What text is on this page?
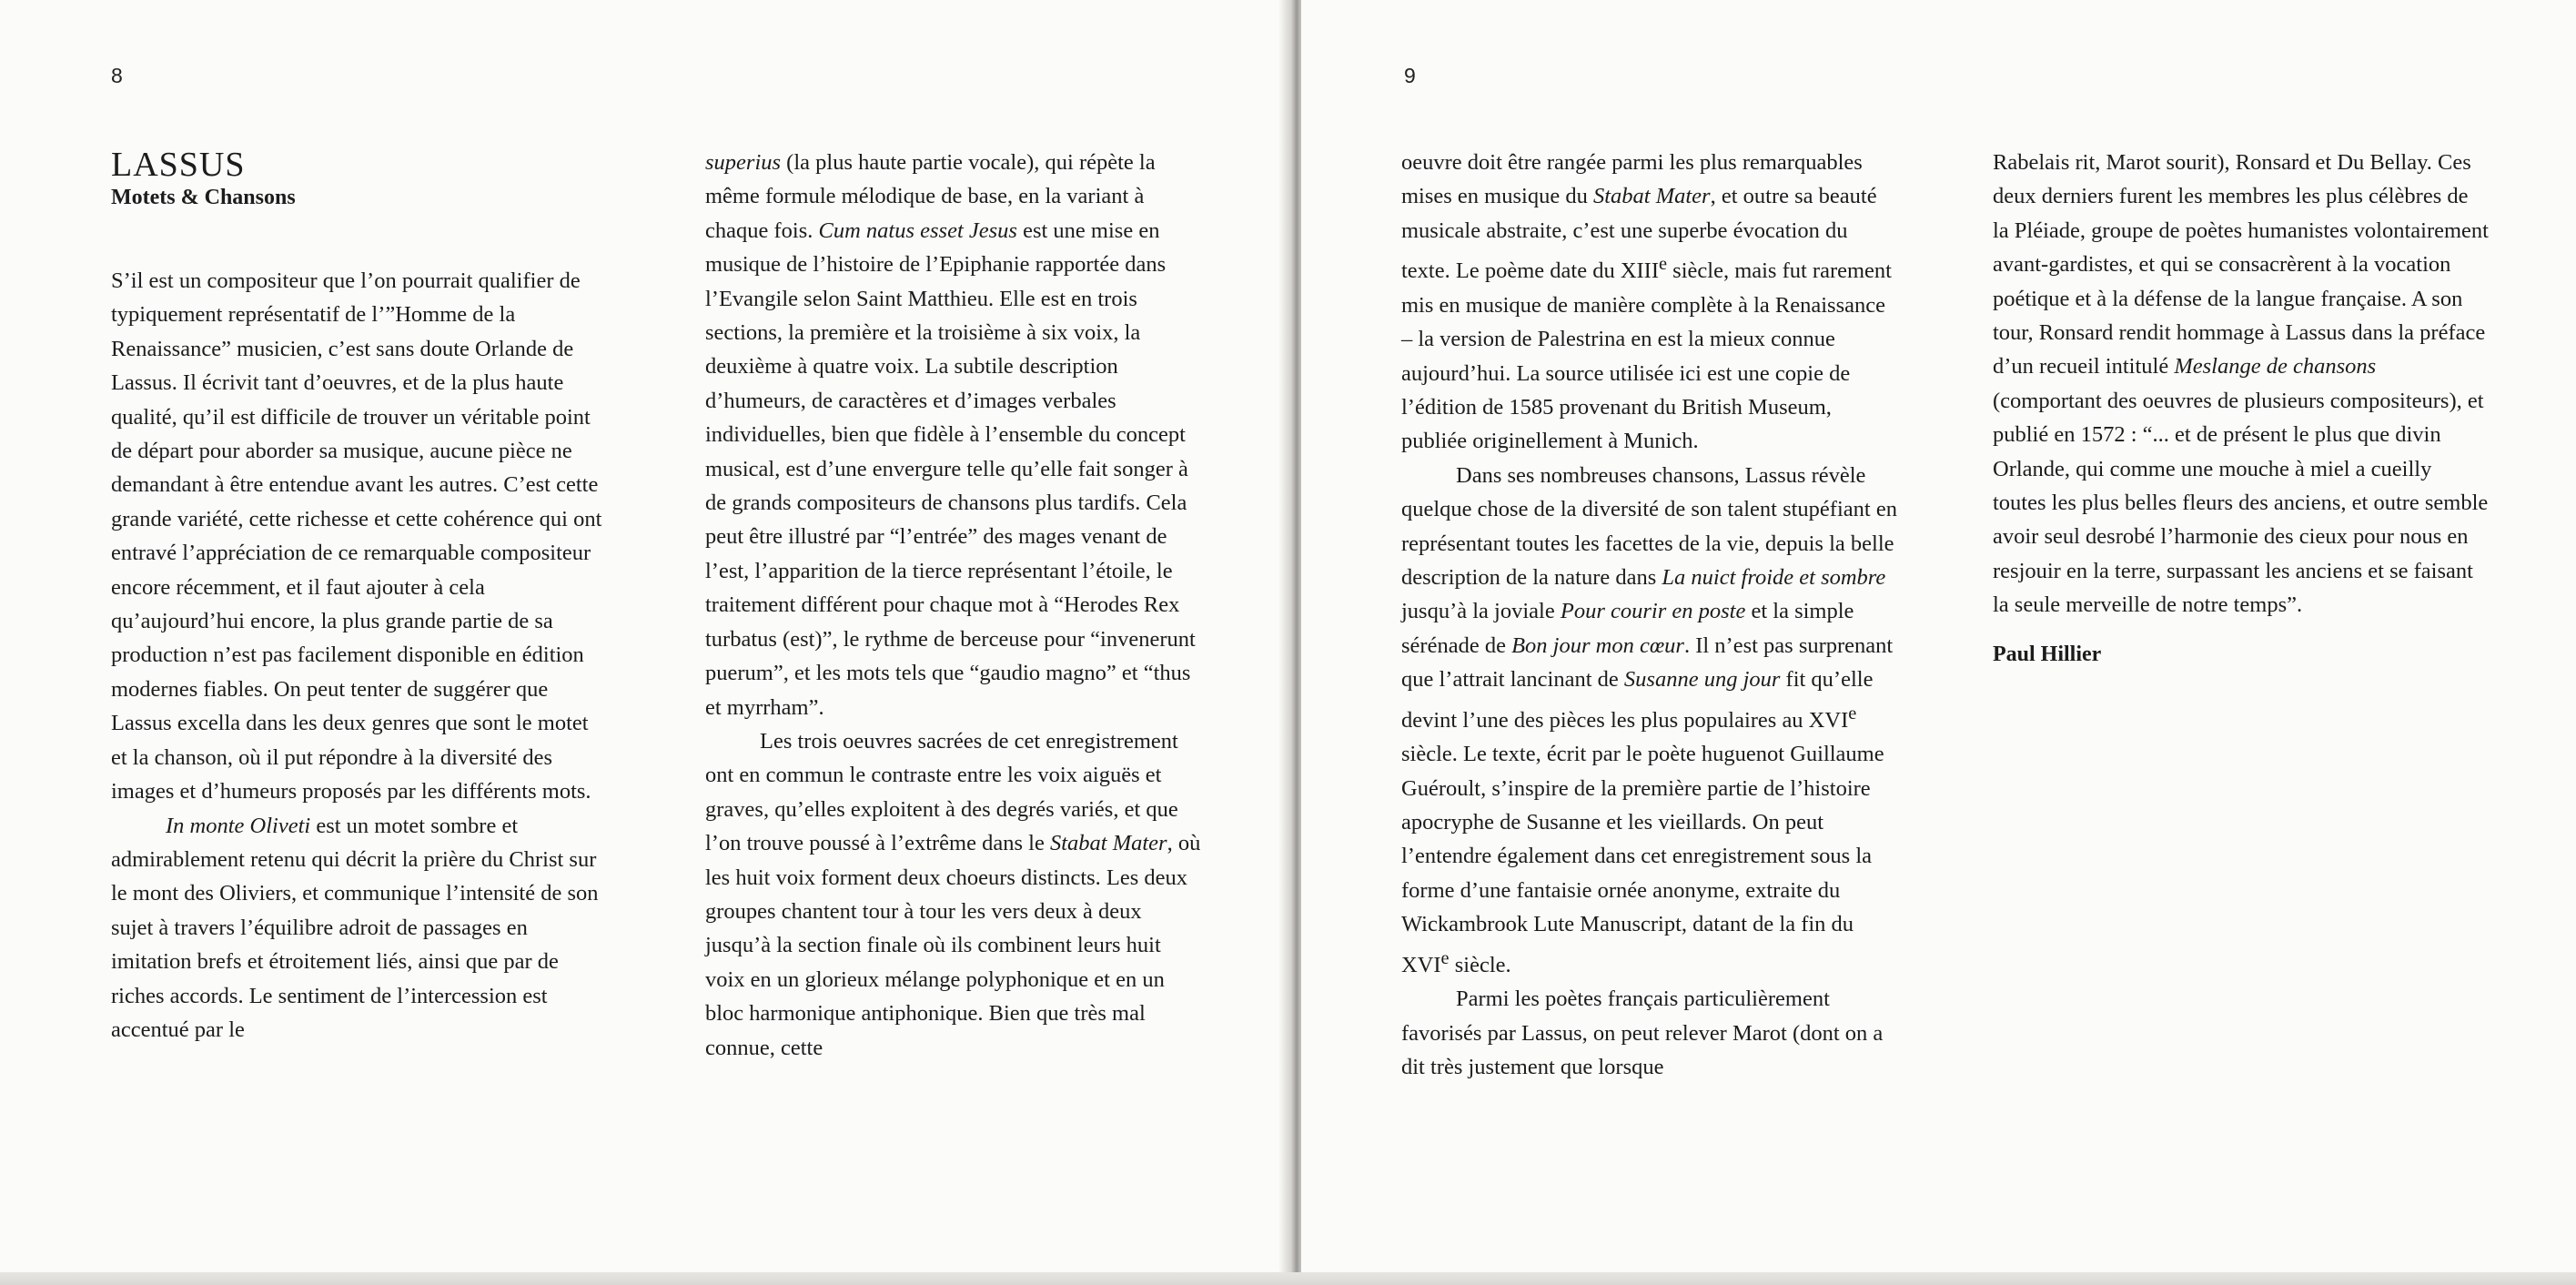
8
LASSUS
Motets & Chansons

S’il est un compositeur que l’on pourrait qualifier de typiquement représentatif de l’”Homme de la Renaissance” musicien, c’est sans doute Orlande de Lassus. Il écrivit tant d’oeuvres, et de la plus haute qualité, qu’il est difficile de trouver un véritable point de départ pour aborder sa musique, aucune pièce ne demandant à être entendue avant les autres. C’est cette grande variété, cette richesse et cette cohérence qui ont entravé l’appréciation de ce remarquable compositeur encore récemment, et il faut ajouter à cela qu’aujourd’hui encore, la plus grande partie de sa production n’est pas facilement disponible en édition modernes fiables. On peut tenter de suggérer que Lassus excella dans les deux genres que sont le motet et la chanson, où il put répondre à la diversité des images et d’humeurs proposés par les différents mots.

In monte Oliveti est un motet sombre et admirablement retenu qui décrit la prière du Christ sur le mont des Oliviers, et communique l’intensité de son sujet à travers l’équilibre adroit de passages en imitation brefs et étroitement liés, ainsi que par de riches accords. Le sentiment de l’intercession est accentué par le

superius (la plus haute partie vocale), qui répète la même formule mélodique de base, en la variant à chaque fois. Cum natus esset Jesus est une mise en musique de l’histoire de l’Epiphanie rapportée dans l’Evangile selon Saint Matthieu. Elle est en trois sections, la première et la troisième à six voix, la deuxième à quatre voix. La subtile description d’humeurs, de caractères et d’images verbales individuelles, bien que fidèle à l’ensemble du concept musical, est d’une envergure telle qu’elle fait songer à de grands compositeurs de chansons plus tardifs. Cela peut être illustré par “l’entrée” des mages venant de l’est, l’apparition de la tierce représentant l’étoile, le traitement différent pour chaque mot à “Herodes Rex turbatus (est)”, le rythme de berceuse pour “invenerunt puerum”, et les mots tels que “gaudio magno” et “thus et myrrham”.

Les trois oeuvres sacrées de cet enregistrement ont en commun le contraste entre les voix aiguës et graves, qu’elles exploitent à des degrés variés, et que l’on trouve poussé à l’extrême dans le Stabat Mater, où les huit voix forment deux choeurs distincts. Les deux groupes chantent tour à tour les vers deux à deux jusqu’à la section finale où ils combinent leurs huit voix en un glorieux mélange polyphonique et en un bloc harmonique antiphonique. Bien que très mal connue, cette

9

oeuvre doit être rangée parmi les plus remarquables mises en musique du Stabat Mater, et outre sa beauté musicale abstraite, c’est une superbe évocation du texte. Le poème date du XIIIe siècle, mais fut rarement mis en musique de manière complète à la Renaissance – la version de Palestrina en est la mieux connue aujourd’hui. La source utilisée ici est une copie de l’édition de 1585 provenant du British Museum, publiée originellement à Munich.

Dans ses nombreuses chansons, Lassus révèle quelque chose de la diversité de son talent stupéfiant en représentant toutes les facettes de la vie, depuis la belle description de la nature dans La nuict froide et sombre jusqu’à la joviale Pour courir en poste et la simple sérénade de Bon jour mon cœur. Il n’est pas surprenant que l’attrait lancinant de Susanne ung jour fit qu’elle devint l’une des pièces les plus populaires au XVIe siècle. Le texte, écrit par le poète huguenot Guillaume Guéroult, s’inspire de la première partie de l’histoire apocryphe de Susanne et les vieillards. On peut l’entendre également dans cet enregistrement sous la forme d’une fantaisie ornée anonyme, extraite du Wickambrook Lute Manuscript, datant de la fin du XVIe siècle.

Parmi les poètes français particulièrement favorisés par Lassus, on peut relever Marot (dont on a dit très justement que lorsque

Rabelais rit, Marot sourit), Ronsard et Du Bellay. Ces deux derniers furent les membres les plus célèbres de la Pléiade, groupe de poètes humanistes volontairement avant-gardistes, et qui se consacrèrent à la vocation poétique et à la défense de la langue française. A son tour, Ronsard rendit hommage à Lassus dans la préface d’un recueil intitulé Meslange de chansons (comportant des oeuvres de plusieurs compositeurs), et publié en 1572 : “... et de présent le plus que divin Orlande, qui comme une mouche à miel a cueilly toutes les plus belles fleurs des anciens, et outre semble avoir seul desrobé l’harmonie des cieux pour nous en resjouir en la terre, surpassant les anciens et se faisant la seule merveille de notre temps”.

Paul Hillier
